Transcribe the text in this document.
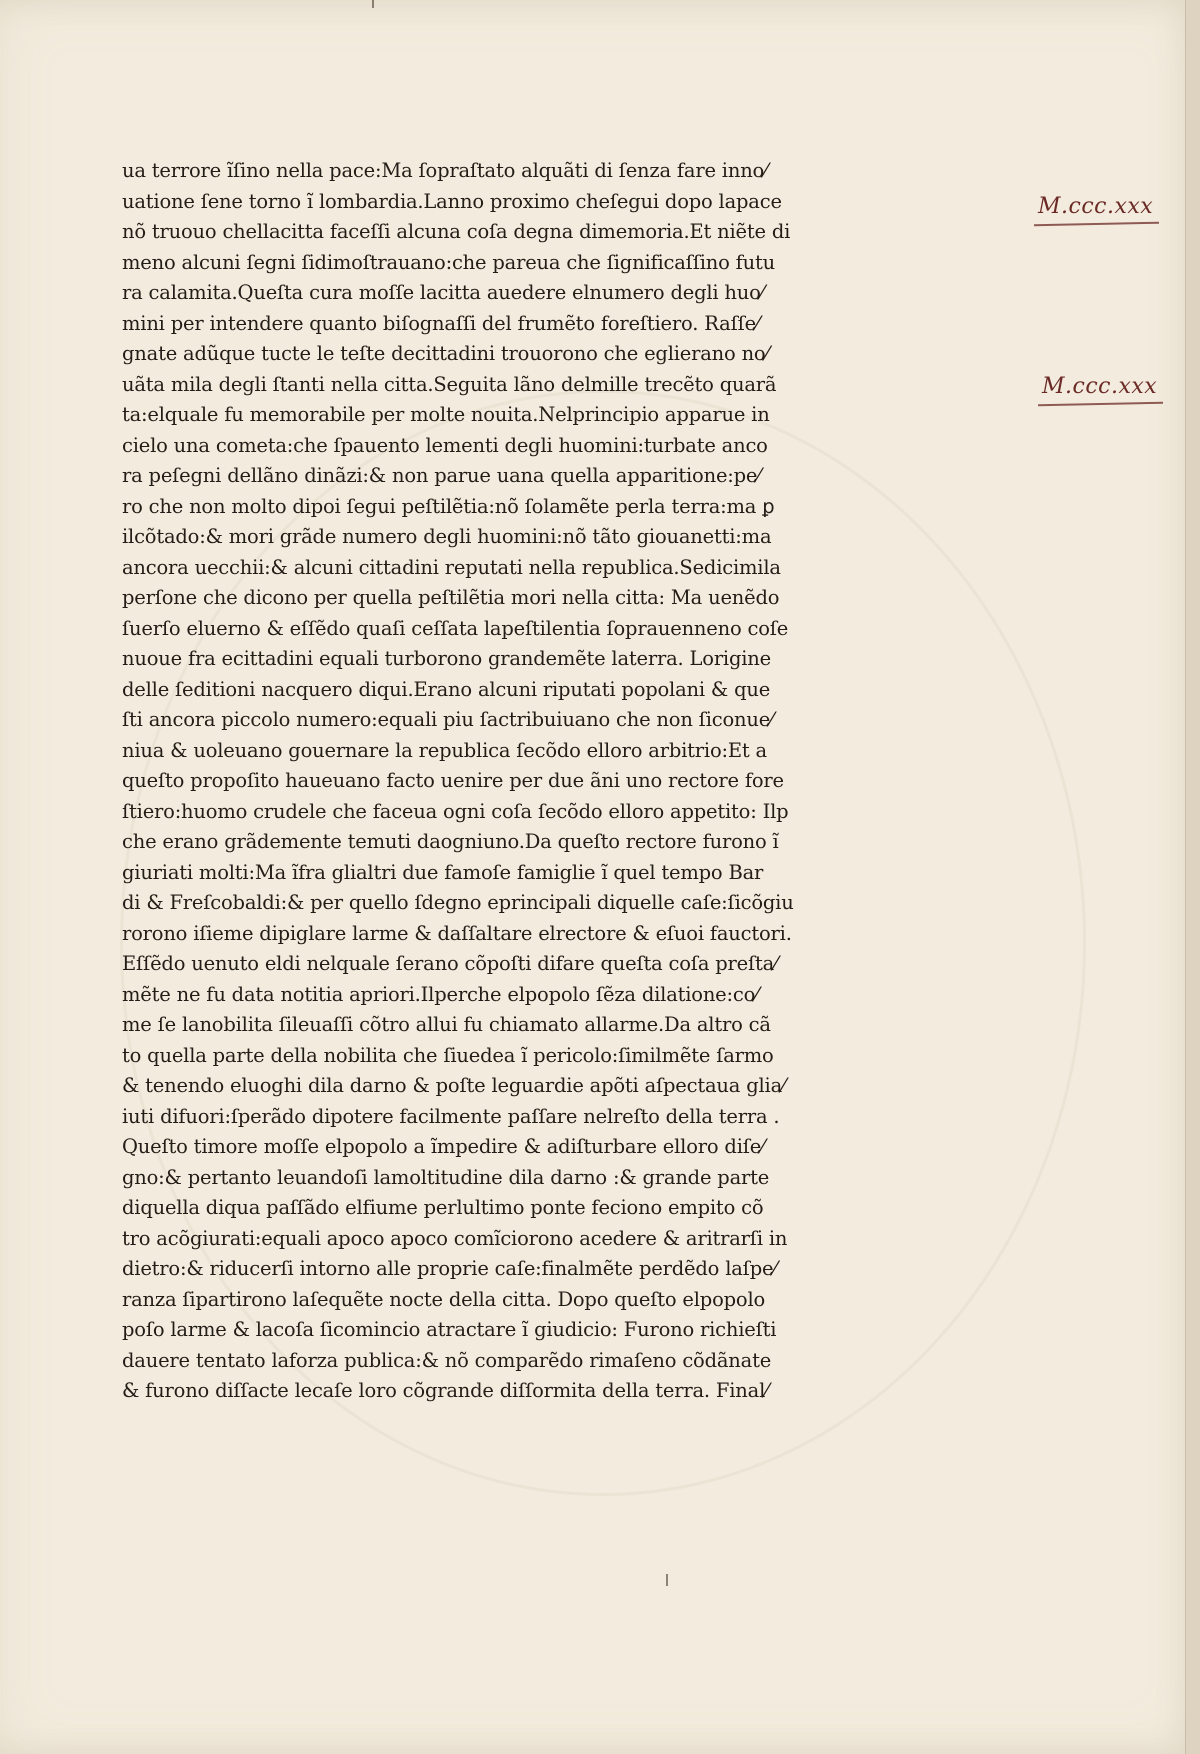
ua terrore ĩſino nella pace:Ma ſopraſtato alquãti di ſenza fare inno⁄
uatione ſene torno ĩ lombardia.Lanno proximo cheſegui dopo lapace
nõ truouo chellacitta faceſſi alcuna coſa degna dimemoria.Et niẽte di
meno alcuni ſegni ſidimoſtrauano:che pareua che ſignificaſſino futu
ra calamita.Queſta cura moſſe lacitta auedere elnumero degli huo⁄
mini per intendere quanto biſognaſſi del frumẽto foreſtiero. Raſſe⁄
gnate adũque tucte le teſte decittadini trouorono che eglierano no⁄
uãta mila degli ſtanti nella citta.Seguita lãno delmille trecẽto quarã
ta:elquale fu memorabile per molte nouita.Nelprincipio apparue in
cielo una cometa:che ſpauento lementi degli huomini:turbate anco
ra peſegni dellãno dinãzi:& non parue uana quella apparitione:pe⁄
ro che non molto dipoi ſegui peſtilẽtia:nõ ſolamẽte perla terra:ma ꝑ
ilcõtado:& mori grãde numero degli huomini:nõ tãto giouanetti:ma
ancora uecchii:& alcuni cittadini reputati nella republica.Sedicimila
perſone che dicono per quella peſtilẽtia mori nella citta: Ma uenẽdo
ſuerſo eluerno & eſſẽdo quaſi ceſſata lapeſtilentia ſoprauenneno coſe
nuoue fra ecittadini equali turborono grandemẽte laterra. Lorigine
delle ſeditioni nacquero diqui.Erano alcuni riputati popolani & que
ſti ancora piccolo numero:equali piu ſactribuiuano che non ſiconue⁄
niua & uoleuano gouernare la republica ſecõdo elloro arbitrio:Et a
queſto propoſito haueuano facto uenire per due ãni uno rectore fore
ſtiero:huomo crudele che faceua ogni coſa ſecõdo elloro appetito: Ilp
che erano grãdemente temuti daogniuno.Da queſto rectore furono ĩ
giuriati molti:Ma ĩfra glialtri due famoſe famiglie ĩ quel tempo Bar
di & Freſcobaldi:& per quello ſdegno eprincipali diquelle caſe:ſicõgiu
rorono iſieme dipiglare larme & daſſaltare elrectore & eſuoi fauctori.
Eſſẽdo uenuto eldi nelquale ſerano cõpoſti difare queſta coſa preſta⁄
mẽte ne fu data notitia apriori.Ilperche elpopolo ſẽza dilatione:co⁄
me ſe lanobilita ſileuaſſi cõtro allui fu chiamato allarme.Da altro cã
to quella parte della nobilita che ſiuedea ĩ pericolo:ſimilmẽte ſarmo
& tenendo eluoghi dila darno & poſte leguardie apõti aſpectaua glia⁄
iuti difuori:ſperãdo dipotere facilmente paſſare nelreſto della terra .
Queſto timore moſſe elpopolo a ĩmpedire & adiſturbare elloro diſe⁄
gno:& pertanto leuandoſi lamoltitudine dila darno :& grande parte
diquella diqua paſſãdo elfiume perlultimo ponte feciono empito cõ
tro acõgiurati:equali apoco apoco comĩciorono acedere & aritrarſi in
dietro:& riducerſi intorno alle proprie caſe:finalmẽte perdẽdo laſpe⁄
ranza ſipartirono laſequẽte nocte della citta. Dopo queſto elpopolo
poſo larme & lacoſa ſicomincio atractare ĩ giudicio: Furono richieſti
dauere tentato laforza publica:& nõ comparẽdo rimaſeno cõdãnate
& furono diſſacte lecaſe loro cõgrande diſſormita della terra. Final⁄
M.ccc.xxx
M.ccc.xxx
